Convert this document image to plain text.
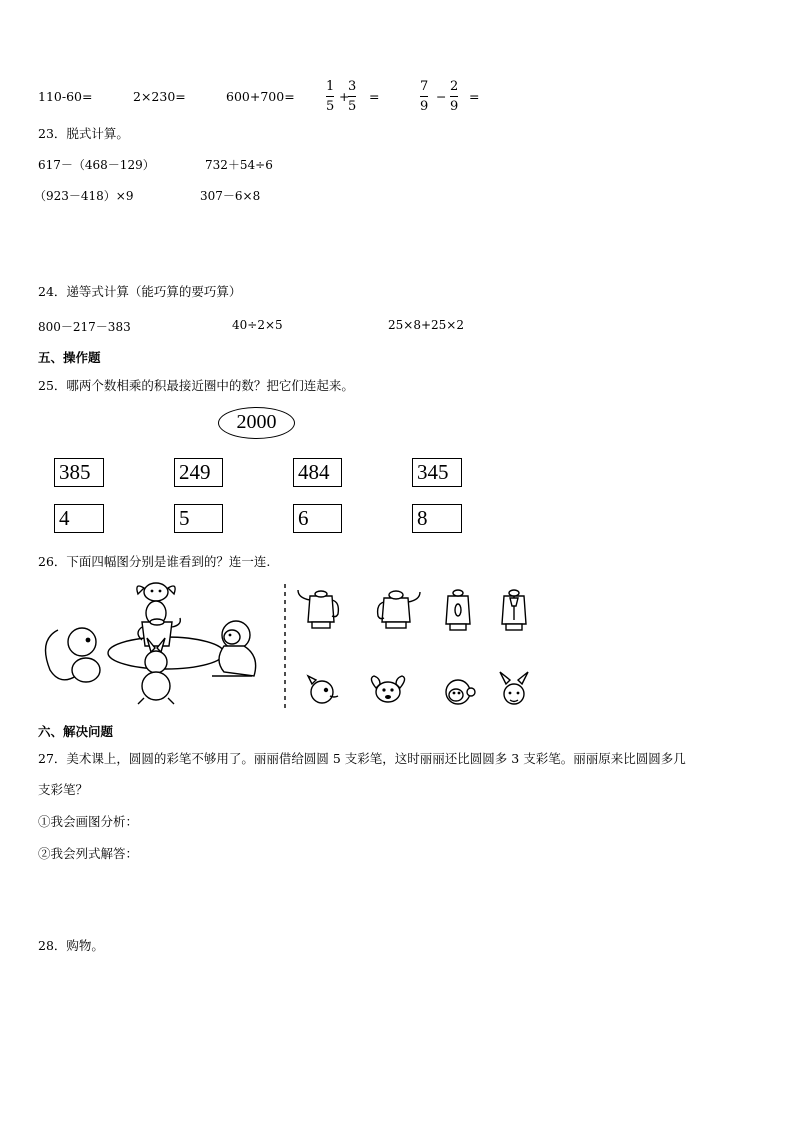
110-60=	2×230=	600+700=
1
5
+
3
5
=
7
9
−
2
9
=
23．脱式计算。
617－（468－129）	732＋54÷6
（923－418）×9	307－6×8
24．递等式计算（能巧算的要巧算）
800－217－383	40÷2×5	25×8+25×2
五、操作题
25．哪两个数相乘的积最接近圈中的数？把它们连起来。
2000
385	249	484	345
4	5	6	8
26．下面四幅图分别是谁看到的？连一连.
六、解决问题
27．美术课上，圆圆的彩笔不够用了。丽丽借给圆圆 5 支彩笔，这时丽丽还比圆圆多 3 支彩笔。丽丽原来比圆圆多几
支彩笔？
①我会画图分析：
②我会列式解答：
28．购物。
